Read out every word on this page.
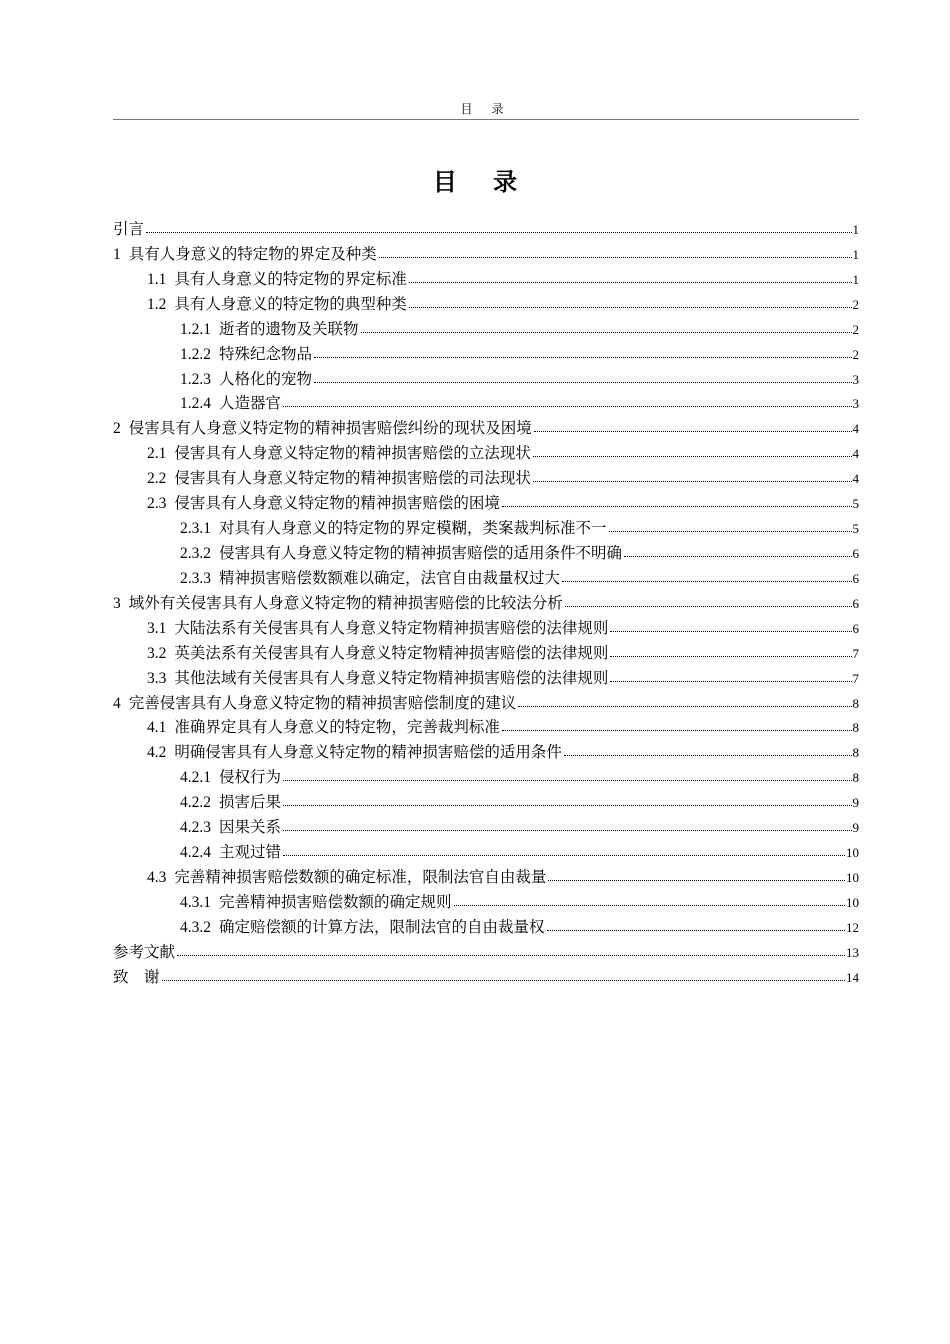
目 录
目 录
引言	1
1 具有人身意义的特定物的界定及种类	1
1.1 具有人身意义的特定物的界定标准	1
1.2 具有人身意义的特定物的典型种类	2
1.2.1 逝者的遗物及关联物	2
1.2.2 特殊纪念物品	2
1.2.3 人格化的宠物	3
1.2.4 人造器官	3
2 侵害具有人身意义特定物的精神损害赔偿纠纷的现状及困境	4
2.1 侵害具有人身意义特定物的精神损害赔偿的立法现状	4
2.2 侵害具有人身意义特定物的精神损害赔偿的司法现状	4
2.3 侵害具有人身意义特定物的精神损害赔偿的困境	5
2.3.1 对具有人身意义的特定物的界定模糊，类案裁判标准不一	5
2.3.2 侵害具有人身意义特定物的精神损害赔偿的适用条件不明确	6
2.3.3 精神损害赔偿数额难以确定，法官自由裁量权过大	6
3 域外有关侵害具有人身意义特定物的精神损害赔偿的比较法分析	6
3.1 大陆法系有关侵害具有人身意义特定物精神损害赔偿的法律规则	6
3.2 英美法系有关侵害具有人身意义特定物精神损害赔偿的法律规则	7
3.3 其他法域有关侵害具有人身意义特定物精神损害赔偿的法律规则	7
4 完善侵害具有人身意义特定物的精神损害赔偿制度的建议	8
4.1 准确界定具有人身意义的特定物，完善裁判标准	8
4.2 明确侵害具有人身意义特定物的精神损害赔偿的适用条件	8
4.2.1 侵权行为	8
4.2.2 损害后果	9
4.2.3 因果关系	9
4.2.4 主观过错	10
4.3 完善精神损害赔偿数额的确定标准，限制法官自由裁量	10
4.3.1 完善精神损害赔偿数额的确定规则	10
4.3.2 确定赔偿额的计算方法，限制法官的自由裁量权	12
参考文献	13
致　谢	14
